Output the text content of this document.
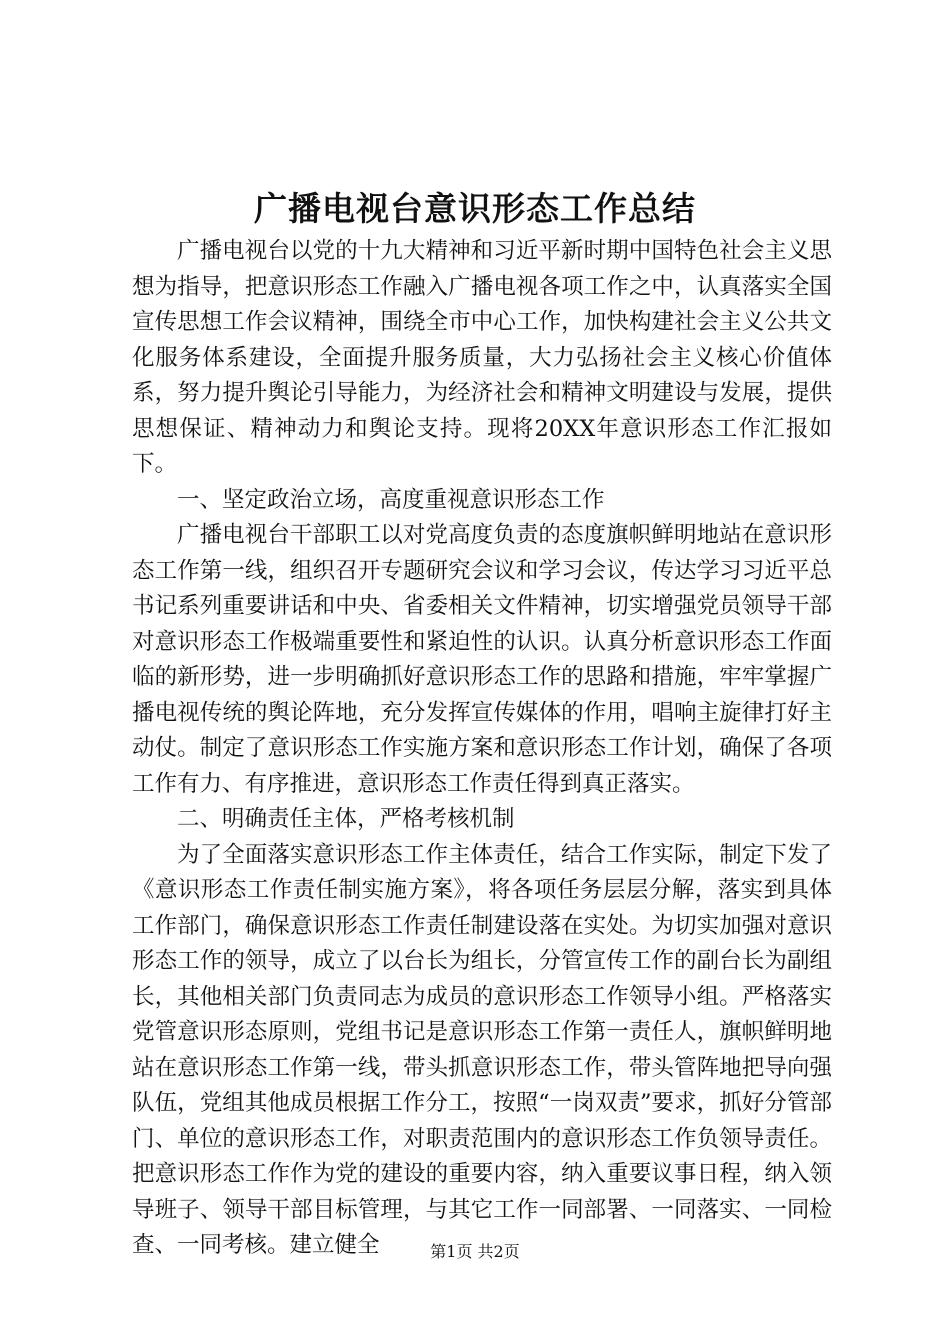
广播电视台意识形态工作总结

广播电视台以党的十九大精神和习近平新时期中国特色社会主义思想为指导，把意识形态工作融入广播电视各项工作之中，认真落实全国宣传思想工作会议精神，围绕全市中心工作，加快构建社会主义公共文化服务体系建设，全面提升服务质量，大力弘扬社会主义核心价值体系，努力提升舆论引导能力，为经济社会和精神文明建设与发展，提供思想保证、精神动力和舆论支持。现将20XX年意识形态工作汇报如下。

一、坚定政治立场，高度重视意识形态工作

广播电视台干部职工以对党高度负责的态度旗帜鲜明地站在意识形态工作第一线，组织召开专题研究会议和学习会议，传达学习习近平总书记系列重要讲话和中央、省委相关文件精神，切实增强党员领导干部对意识形态工作极端重要性和紧迫性的认识。认真分析意识形态工作面临的新形势，进一步明确抓好意识形态工作的思路和措施，牢牢掌握广播电视传统的舆论阵地，充分发挥宣传媒体的作用，唱响主旋律打好主动仗。制定了意识形态工作实施方案和意识形态工作计划，确保了各项工作有力、有序推进，意识形态工作责任得到真正落实。

二、明确责任主体，严格考核机制

为了全面落实意识形态工作主体责任，结合工作实际，制定下发了《意识形态工作责任制实施方案》，将各项任务层层分解，落实到具体工作部门，确保意识形态工作责任制建设落在实处。为切实加强对意识形态工作的领导，成立了以台长为组长，分管宣传工作的副台长为副组长，其他相关部门负责同志为成员的意识形态工作领导小组。严格落实党管意识形态原则，党组书记是意识形态工作第一责任人，旗帜鲜明地站在意识形态工作第一线，带头抓意识形态工作，带头管阵地把导向强队伍，党组其他成员根据工作分工，按照“一岗双责”要求，抓好分管部门、单位的意识形态工作，对职责范围内的意识形态工作负领导责任。把意识形态工作作为党的建设的重要内容，纳入重要议事日程，纳入领导班子、领导干部目标管理，与其它工作一同部署、一同落实、一同检查、一同考核。建立健全	第1页 共2页
